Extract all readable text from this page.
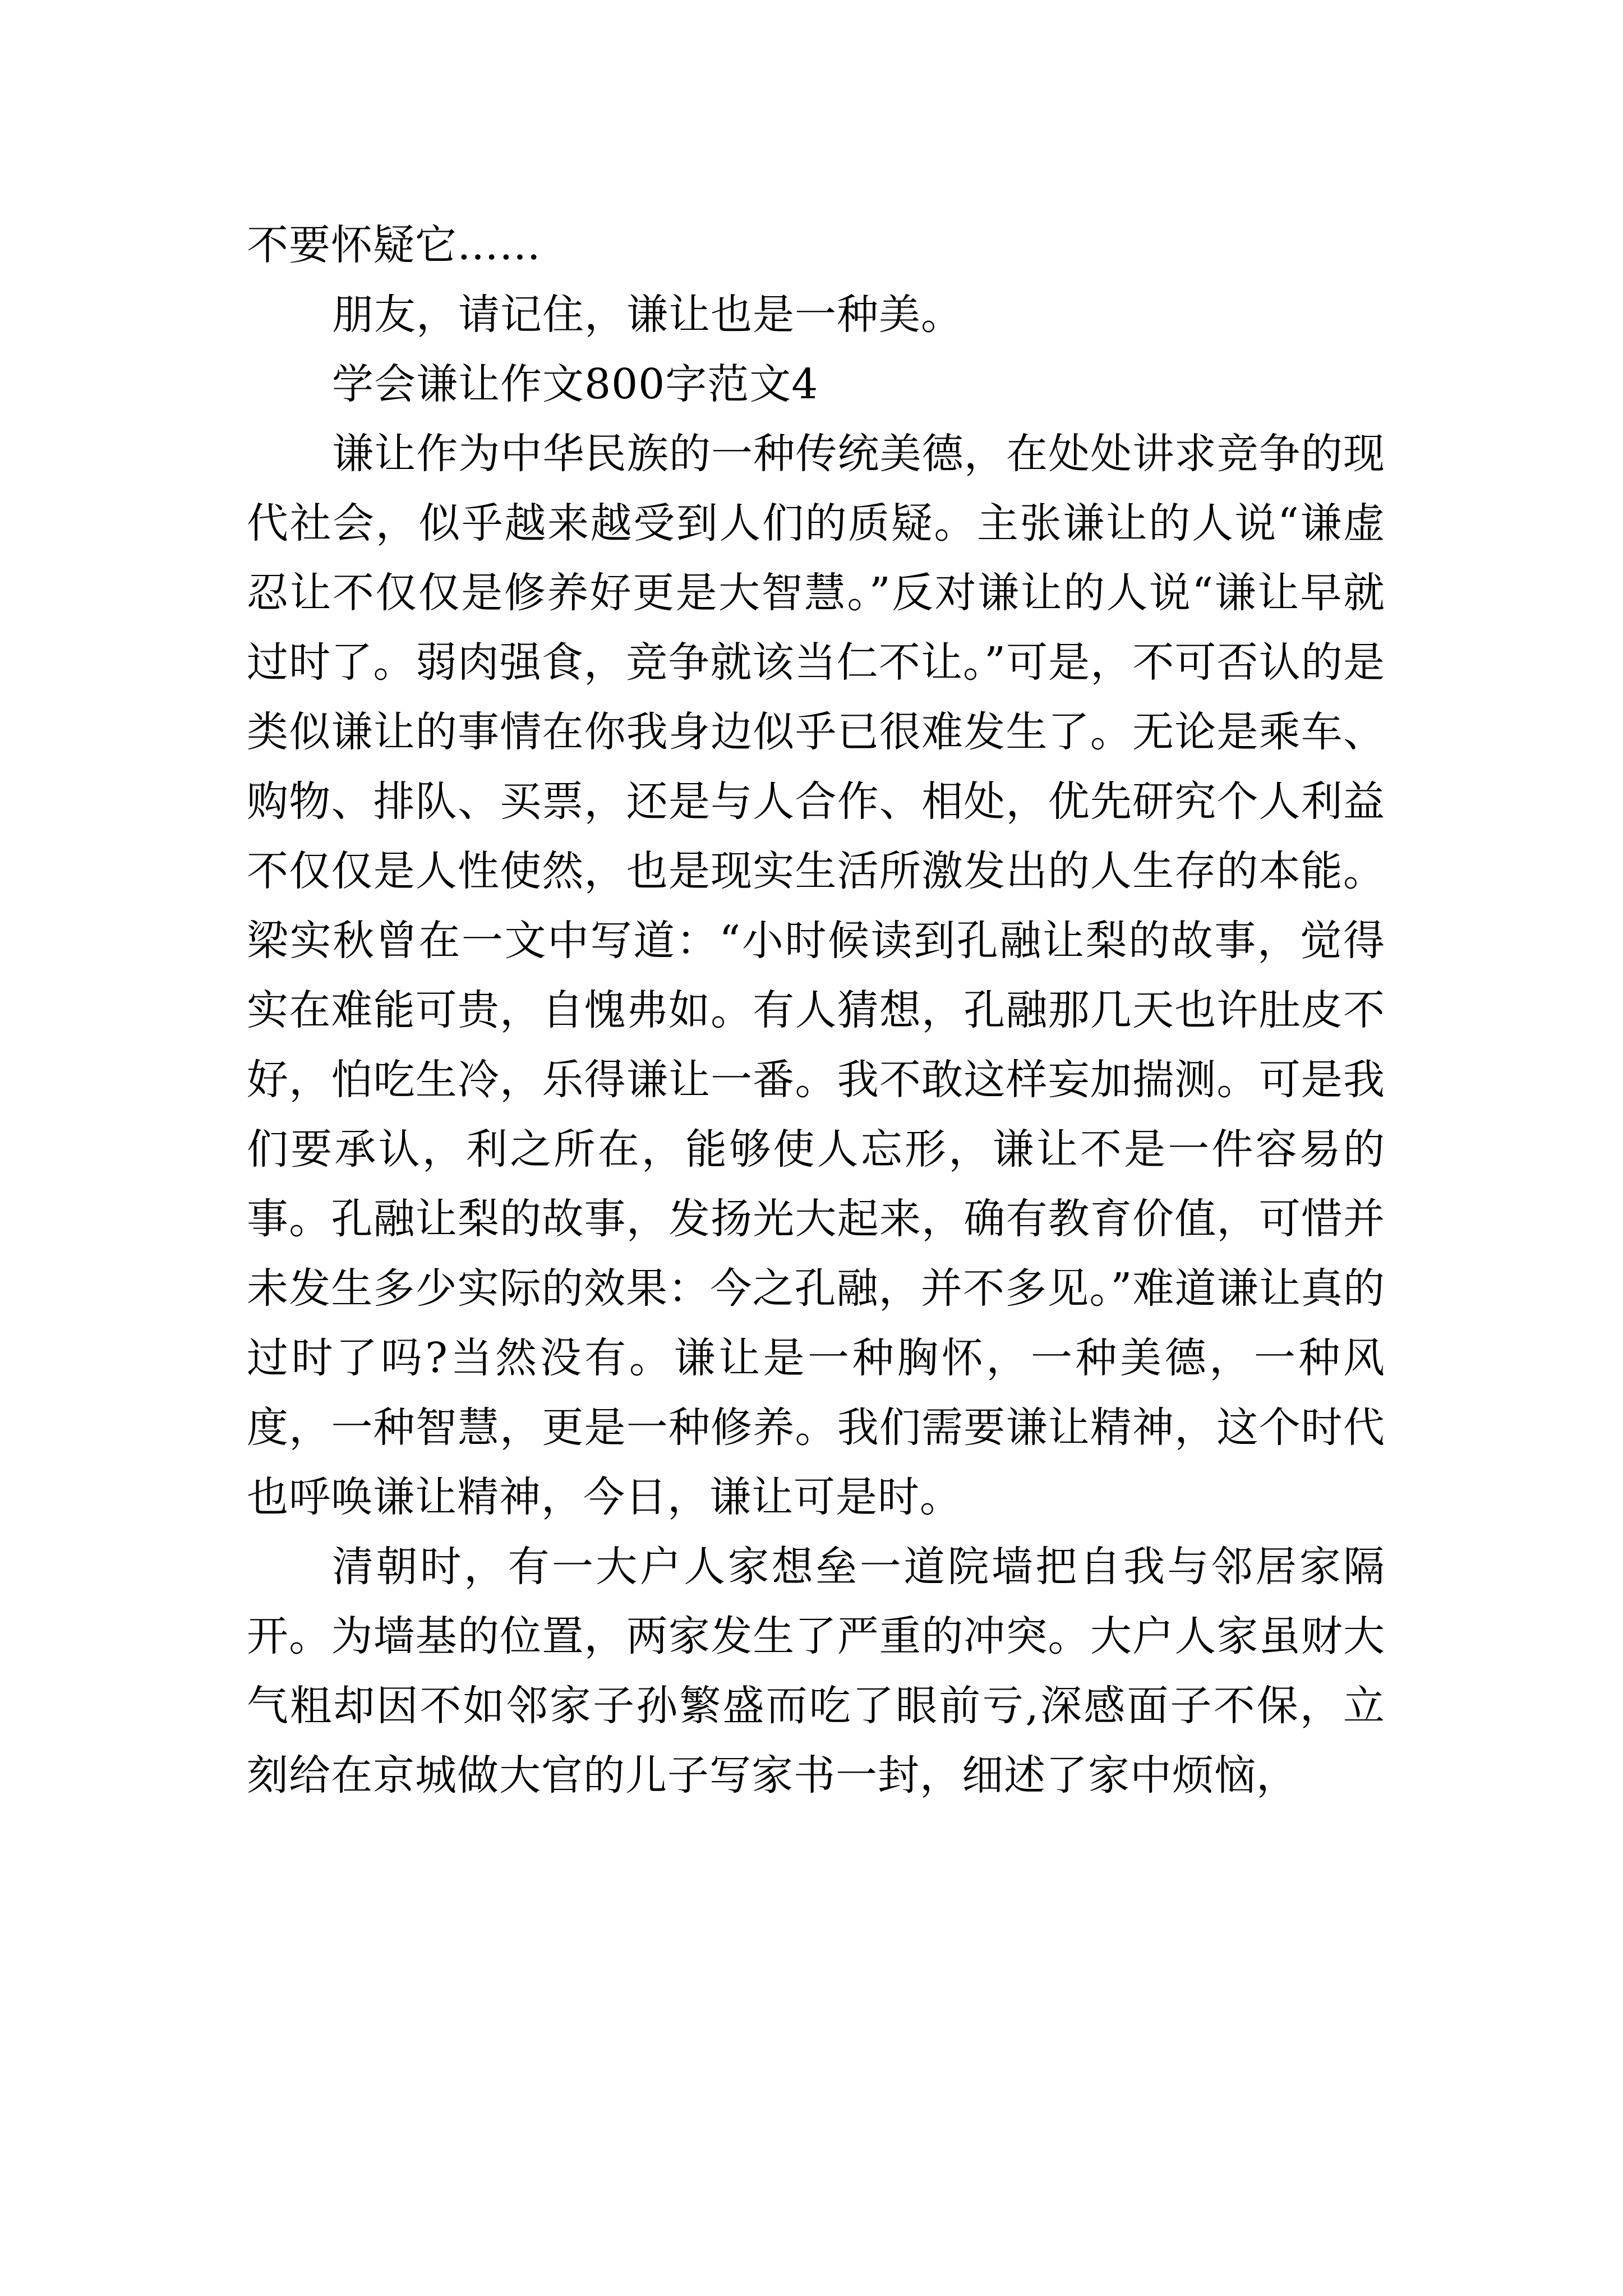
不要怀疑它……

朋友，请记住，谦让也是一种美。

学会谦让作文800字范文4

谦让作为中华民族的一种传统美德，在处处讲求竞争的现代社会，似乎越来越受到人们的质疑。主张谦让的人说“谦虚忍让不仅仅是修养好更是大智慧。”反对谦让的人说“谦让早就过时了。弱肉强食，竞争就该当仁不让。”可是，不可否认的是类似谦让的事情在你我身边似乎已很难发生了。无论是乘车、购物、排队、买票，还是与人合作、相处，优先研究个人利益不仅仅是人性使然，也是现实生活所激发出的人生存的本能。梁实秋曾在一文中写道：“小时候读到孔融让梨的故事，觉得实在难能可贵，自愧弗如。有人猜想，孔融那几天也许肚皮不好，怕吃生冷，乐得谦让一番。我不敢这样妄加揣测。可是我们要承认，利之所在，能够使人忘形，谦让不是一件容易的事。孔融让梨的故事，发扬光大起来，确有教育价值，可惜并未发生多少实际的效果：今之孔融，并不多见。”难道谦让真的过时了吗?当然没有。谦让是一种胸怀，一种美德，一种风度，一种智慧，更是一种修养。我们需要谦让精神，这个时代也呼唤谦让精神，今日，谦让可是时。

清朝时，有一大户人家想垒一道院墙把自我与邻居家隔开。为墙基的位置，两家发生了严重的冲突。大户人家虽财大气粗却因不如邻家子孙繁盛而吃了眼前亏,深感面子不保，立刻给在京城做大官的儿子写家书一封，细述了家中烦恼，
